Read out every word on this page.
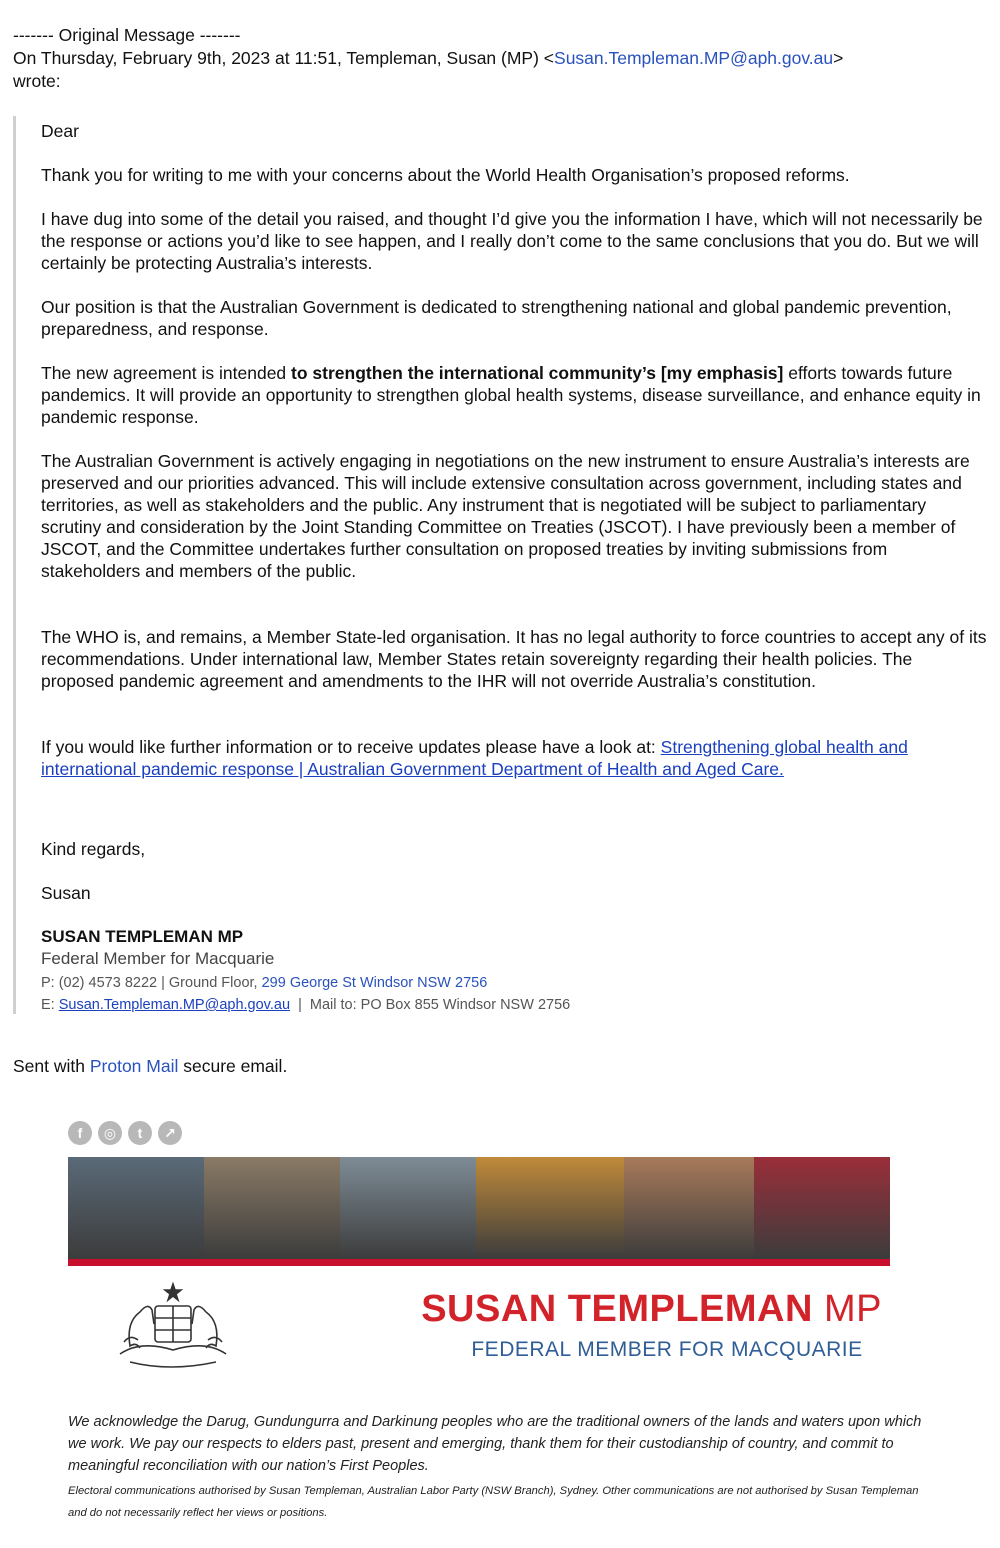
------- Original Message -------
On Thursday, February 9th, 2023 at 11:51, Templeman, Susan (MP) <Susan.Templeman.MP@aph.gov.au>
wrote:

Dear

Thank you for writing to me with your concerns about the World Health Organisation’s proposed reforms.

I have dug into some of the detail you raised, and thought I’d give you the information I have, which will not necessarily be the response or actions you’d like to see happen, and I really don’t come to the same conclusions that you do. But we will certainly be protecting Australia’s interests.

Our position is that the Australian Government is dedicated to strengthening national and global pandemic prevention, preparedness, and response.

The new agreement is intended to strengthen the international community’s [my emphasis] efforts towards future pandemics. It will provide an opportunity to strengthen global health systems, disease surveillance, and enhance equity in pandemic response.

The Australian Government is actively engaging in negotiations on the new instrument to ensure Australia’s interests are preserved and our priorities advanced. This will include extensive consultation across government, including states and territories, as well as stakeholders and the public. Any instrument that is negotiated will be subject to parliamentary scrutiny and consideration by the Joint Standing Committee on Treaties (JSCOT). I have previously been a member of JSCOT, and the Committee undertakes further consultation on proposed treaties by inviting submissions from stakeholders and members of the public.

The WHO is, and remains, a Member State-led organisation. It has no legal authority to force countries to accept any of its recommendations. Under international law, Member States retain sovereignty regarding their health policies. The proposed pandemic agreement and amendments to the IHR will not override Australia’s constitution.

If you would like further information or to receive updates please have a look at: Strengthening global health and international pandemic response | Australian Government Department of Health and Aged Care.

Kind regards,

Susan

SUSAN TEMPLEMAN MP
Federal Member for Macquarie
P: (02) 4573 8222 | Ground Floor, 299 George St Windsor NSW 2756
E: Susan.Templeman.MP@aph.gov.au  |  Mail to: PO Box 855 Windsor NSW 2756
Sent with Proton Mail secure email.
f	◎	t	↗
SUSAN TEMPLEMAN MP
FEDERAL MEMBER FOR MACQUARIE
We acknowledge the Darug, Gundungurra and Darkinung peoples who are the traditional owners of the lands and waters upon which we work. We pay our respects to elders past, present and emerging, thank them for their custodianship of country, and commit to meaningful reconciliation with our nation’s First Peoples.
Electoral communications authorised by Susan Templeman, Australian Labor Party (NSW Branch), Sydney. Other communications are not authorised by Susan Templeman and do not necessarily reflect her views or positions.
